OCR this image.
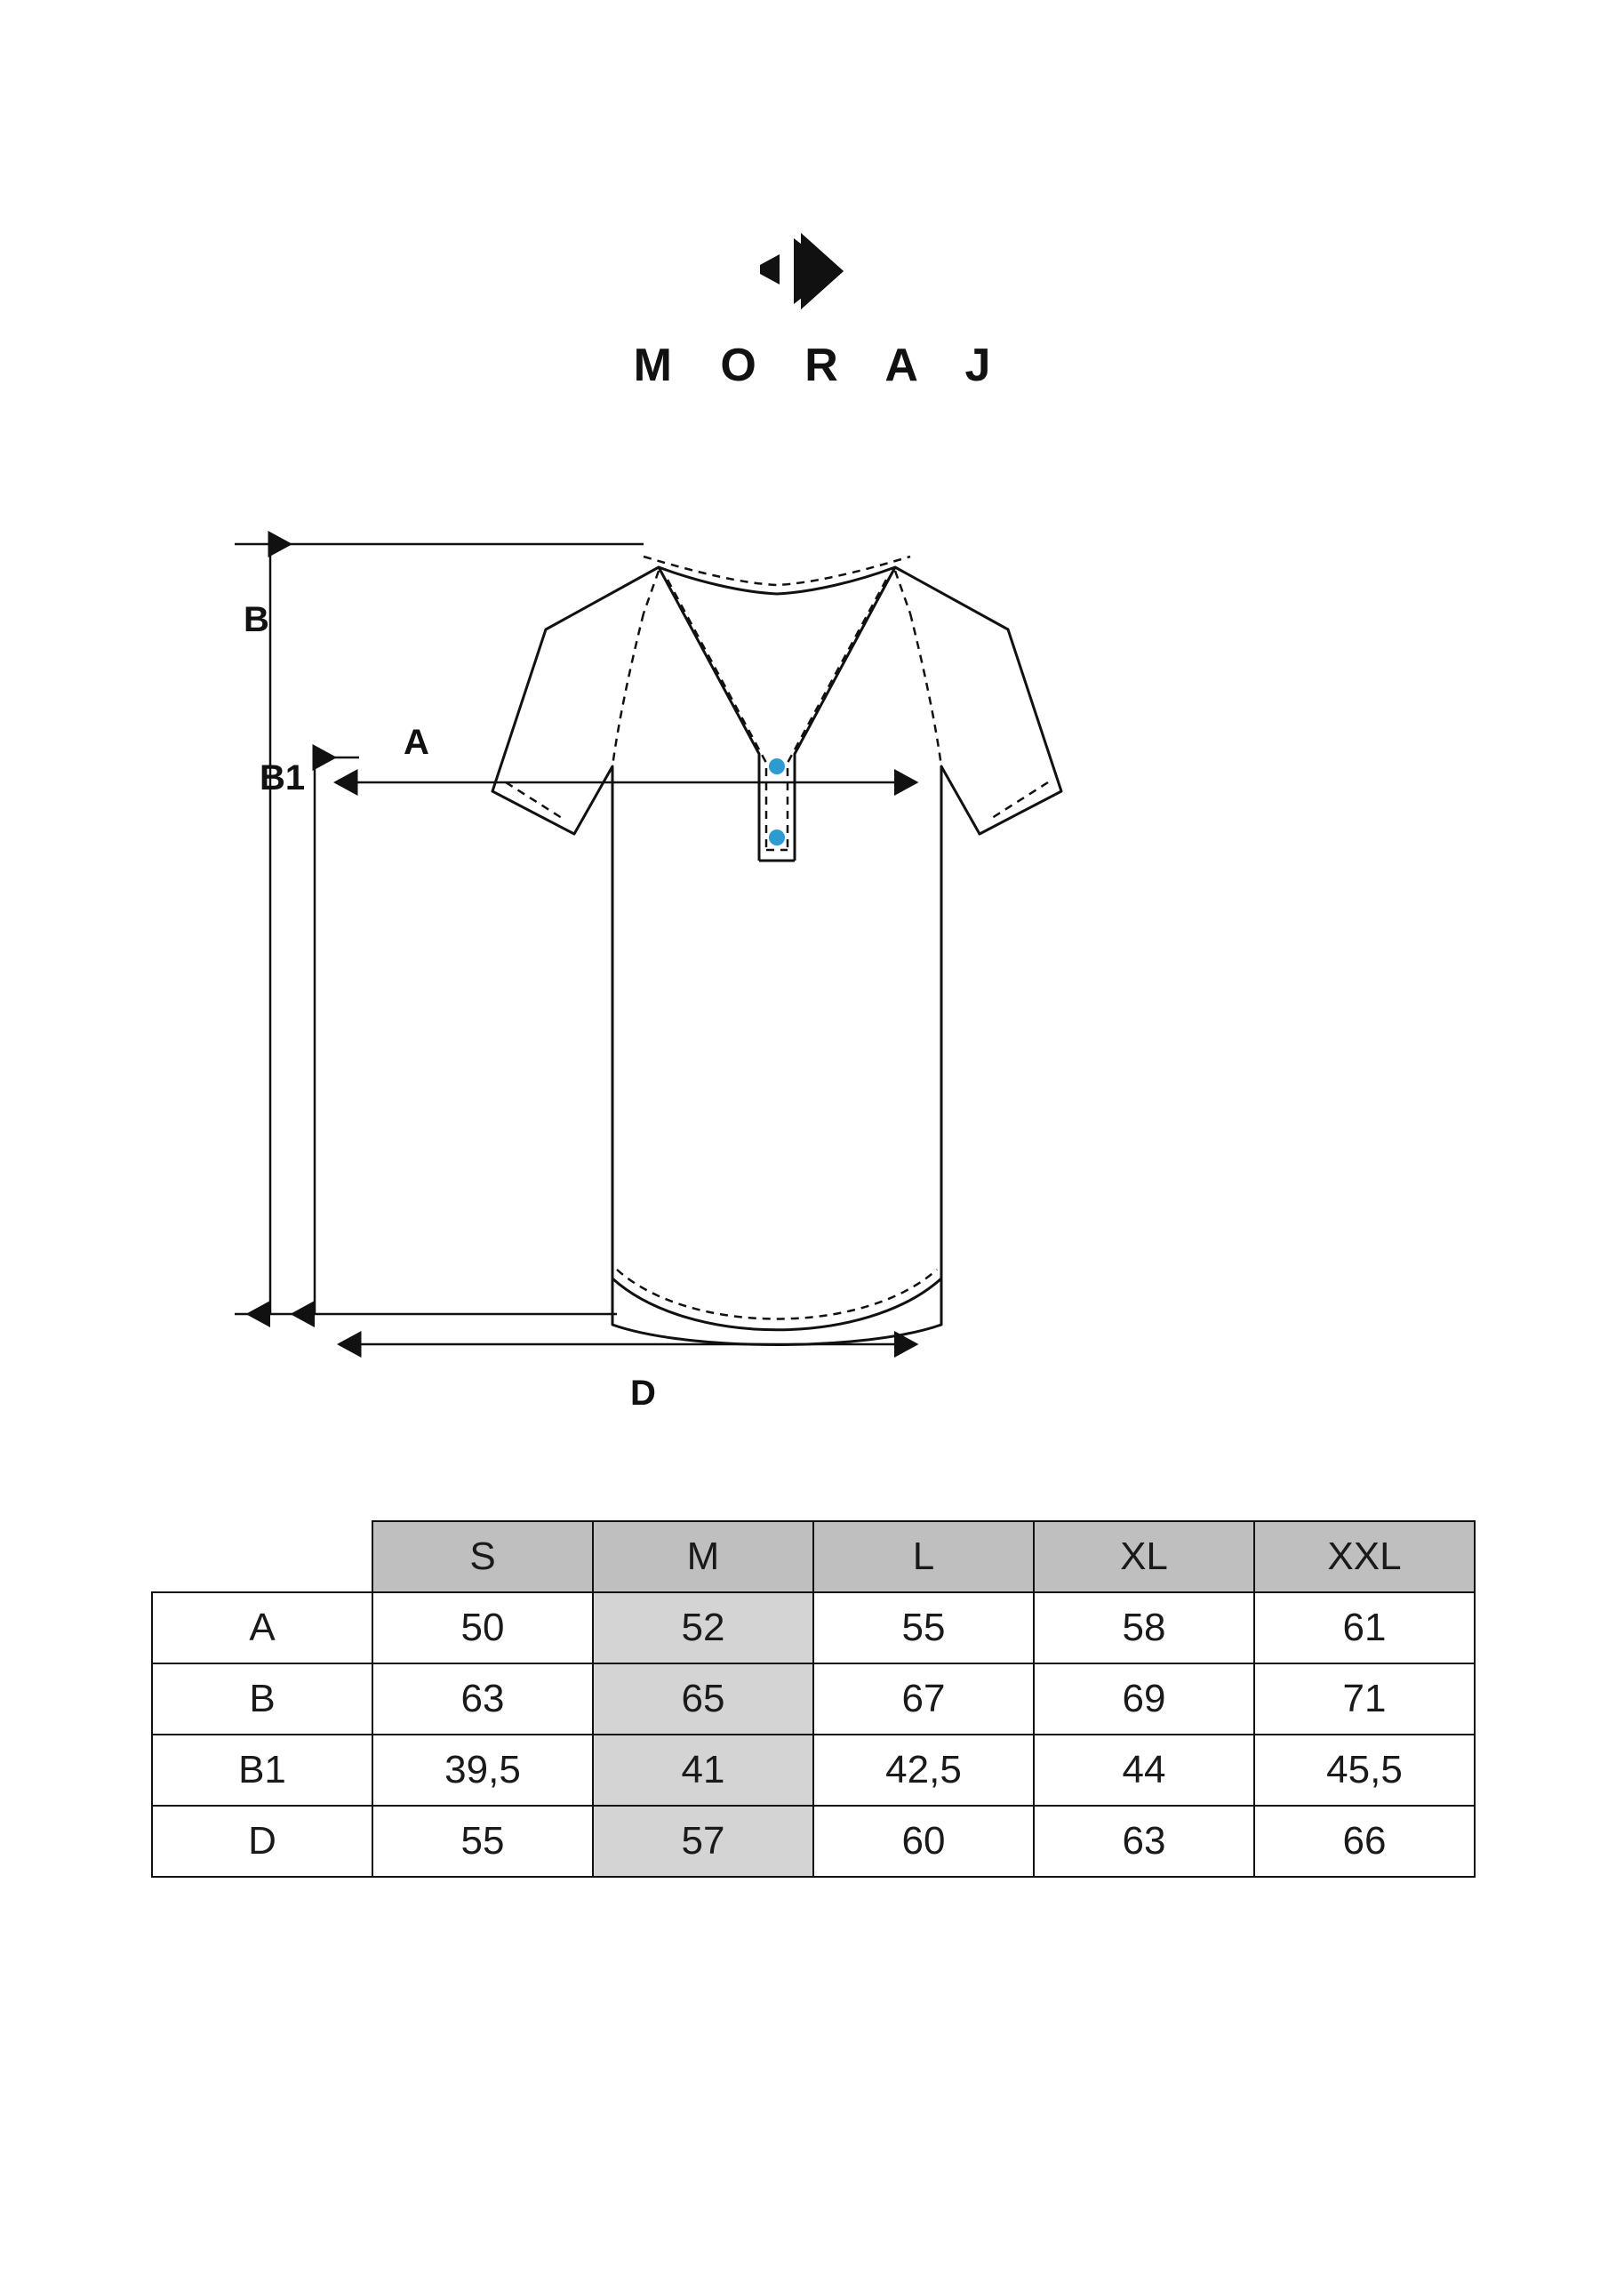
M O R A J
B
B1
A
D
	S	M	L	XL	XXL
A	50	52	55	58	61
B	63	65	67	69	71
B1	39,5	41	42,5	44	45,5
D	55	57	60	63	66
